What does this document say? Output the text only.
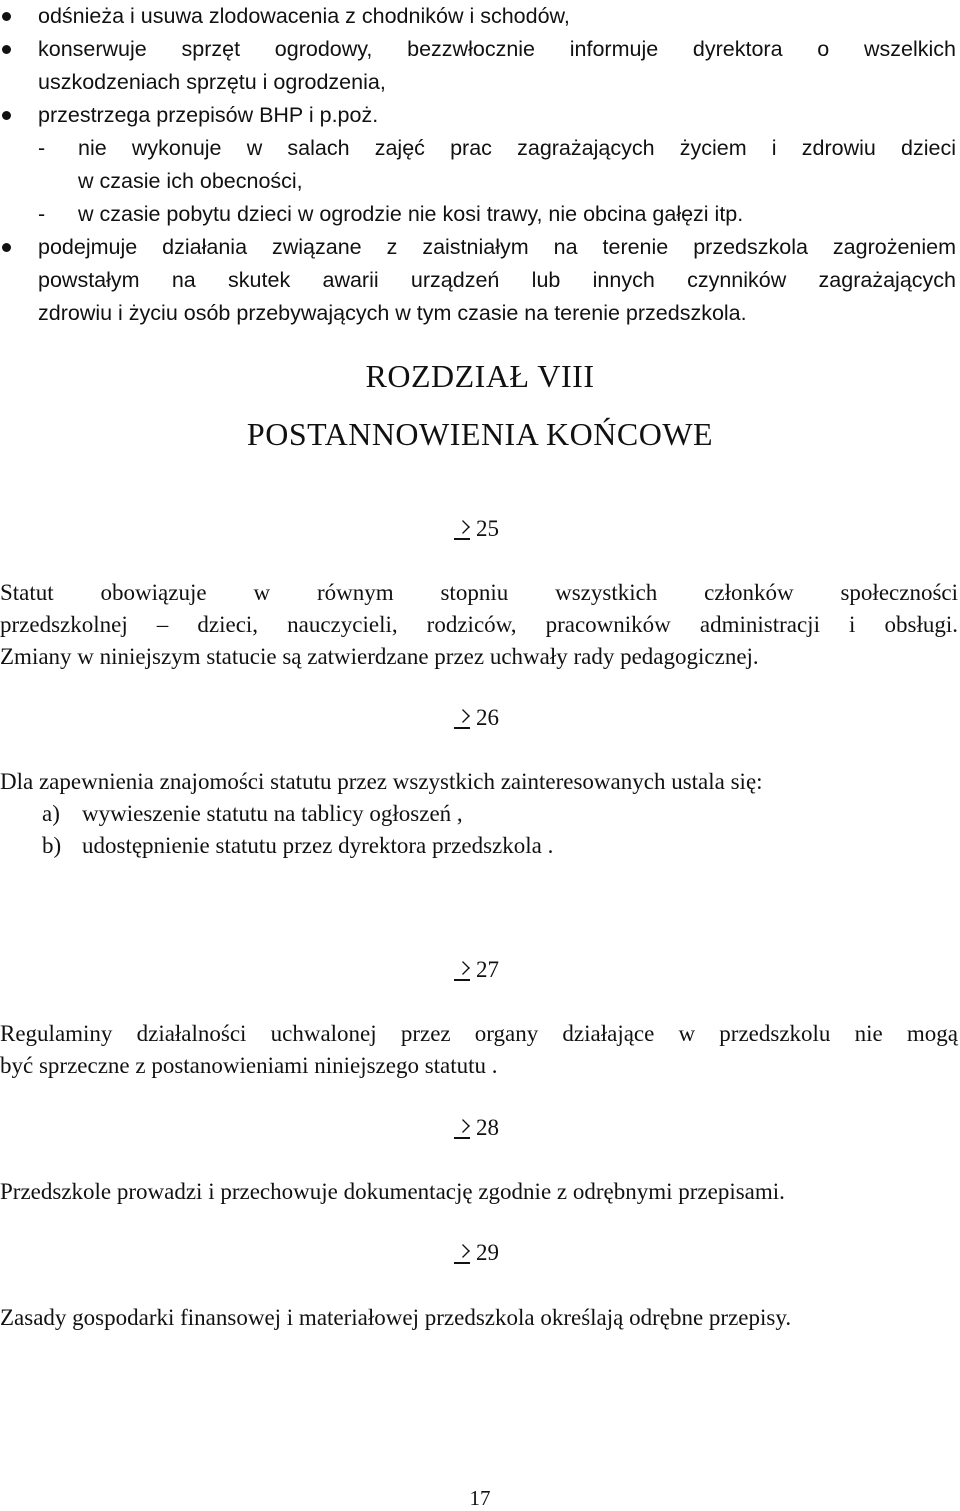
odśnieża i usuwa zlodowacenia z chodników i schodów,
konserwuje sprzęt ogrodowy, bezzwłocznie informuje dyrektora o wszelkich
uszkodzeniach sprzętu i ogrodzenia,
przestrzega przepisów BHP i p.poż.
- nie wykonuje w salach zajęć prac zagrażających życiem i zdrowiu dzieci
w czasie ich obecności,
- w czasie pobytu dzieci w ogrodzie nie kosi trawy, nie obcina gałęzi itp.
podejmuje działania związane z zaistniałym na terenie przedszkola zagrożeniem
powstałym na skutek awarii urządzeń lub innych czynników zagrażających
zdrowiu i życiu osób przebywających w tym czasie na terenie przedszkola.
ROZDZIAŁ VIII
POSTANNOWIENIA KOŃCOWE
25
Statut obowiązuje w równym stopniu wszystkich członków społeczności
przedszkolnej – dzieci, nauczycieli, rodziców, pracowników administracji i obsługi.
Zmiany w niniejszym statucie są zatwierdzane przez uchwały rady pedagogicznej.
26
Dla zapewnienia znajomości statutu przez wszystkich zainteresowanych ustala się:
a) wywieszenie statutu na tablicy ogłoszeń ,
b) udostępnienie statutu przez dyrektora przedszkola .
27
Regulaminy działalności uchwalonej przez organy działające w przedszkolu nie mogą
być sprzeczne z postanowieniami niniejszego statutu .
28
Przedszkole prowadzi i przechowuje dokumentację zgodnie z odrębnymi przepisami.
29
Zasady gospodarki finansowej i materiałowej przedszkola określają odrębne przepisy.
17
